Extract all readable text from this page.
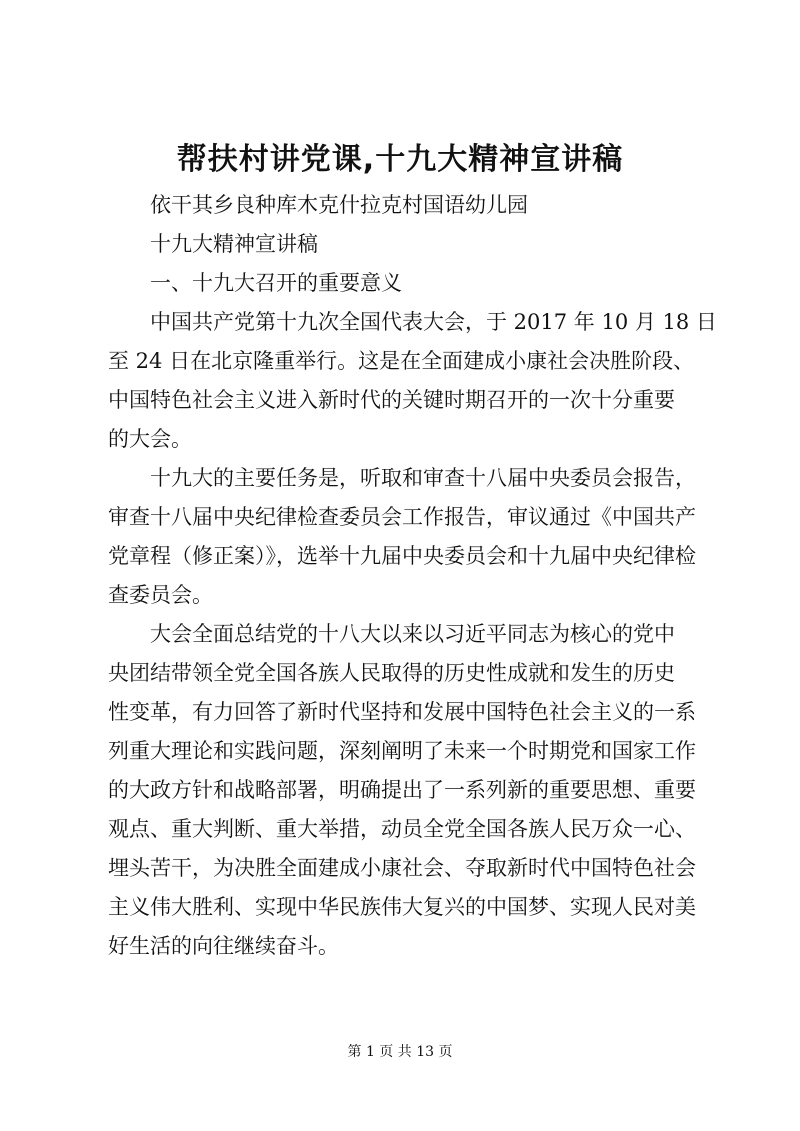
帮扶村讲党课,十九大精神宣讲稿
依干其乡良种库木克什拉克村国语幼儿园
十九大精神宣讲稿
一、十九大召开的重要意义
中国共产党第十九次全国代表大会，于 2017 年 10 月 18 日
至 24 日在北京隆重举行。这是在全面建成小康社会决胜阶段、
中国特色社会主义进入新时代的关键时期召开的一次十分重要
的大会。
十九大的主要任务是，听取和审查十八届中央委员会报告，
审查十八届中央纪律检查委员会工作报告，审议通过《中国共产
党章程（修正案）》，选举十九届中央委员会和十九届中央纪律检
查委员会。
大会全面总结党的十八大以来以习近平同志为核心的党中
央团结带领全党全国各族人民取得的历史性成就和发生的历史
性变革，有力回答了新时代坚持和发展中国特色社会主义的一系
列重大理论和实践问题，深刻阐明了未来一个时期党和国家工作
的大政方针和战略部署，明确提出了一系列新的重要思想、重要
观点、重大判断、重大举措，动员全党全国各族人民万众一心、
埋头苦干，为决胜全面建成小康社会、夺取新时代中国特色社会
主义伟大胜利、实现中华民族伟大复兴的中国梦、实现人民对美
好生活的向往继续奋斗。
第 1 页 共 13 页
